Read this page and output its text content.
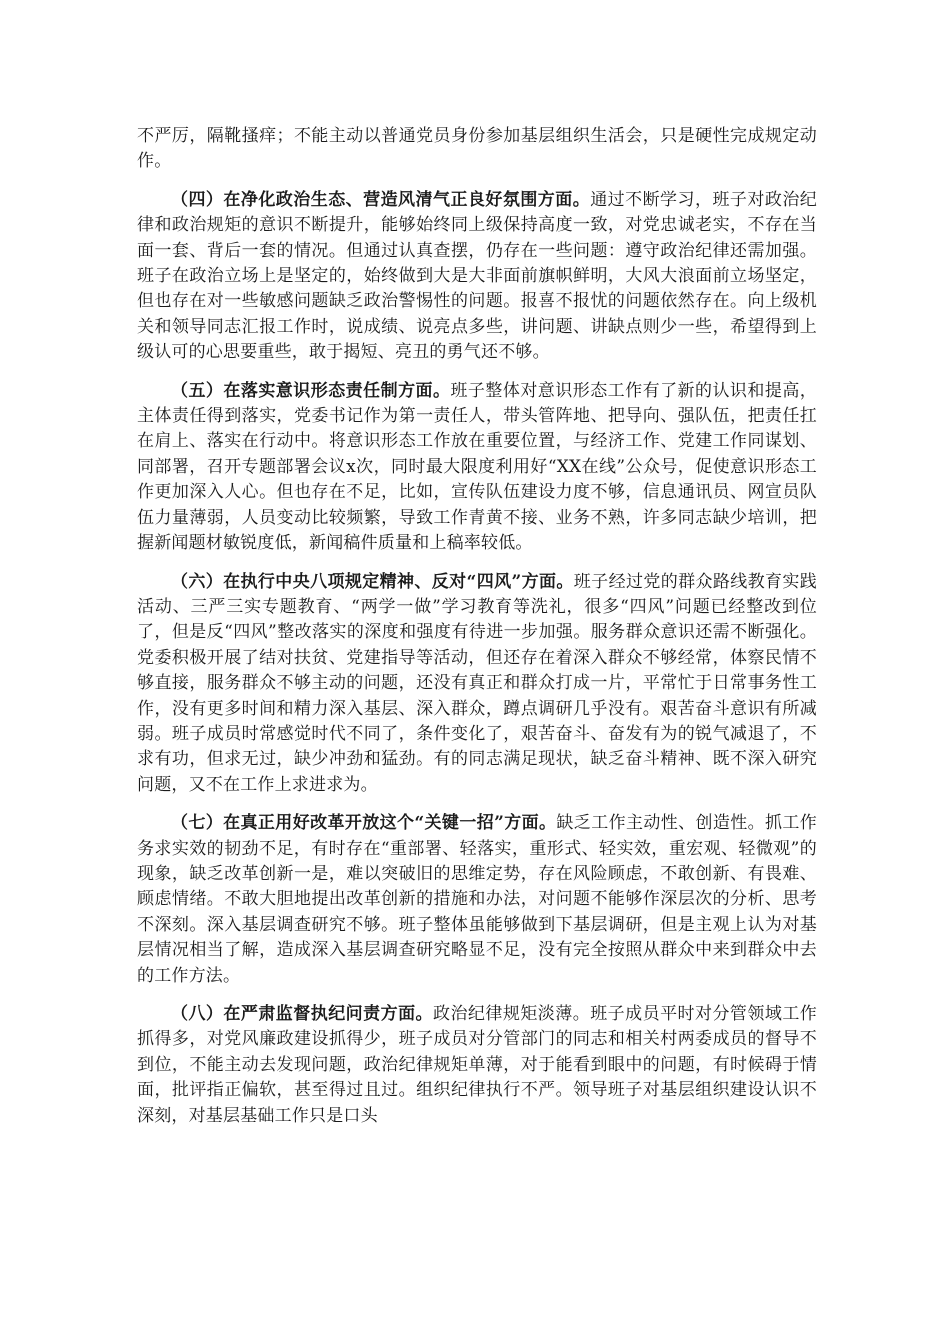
不严厉，隔靴搔痒；不能主动以普通党员身份参加基层组织生活会，只是硬性完成规定动作。

（四）在净化政治生态、营造风清气正良好氛围方面。通过不断学习，班子对政治纪律和政治规矩的意识不断提升，能够始终同上级保持高度一致，对党忠诚老实，不存在当面一套、背后一套的情况。但通过认真查摆，仍存在一些问题：遵守政治纪律还需加强。班子在政治立场上是坚定的，始终做到大是大非面前旗帜鲜明，大风大浪面前立场坚定，但也存在对一些敏感问题缺乏政治警惕性的问题。报喜不报忧的问题依然存在。向上级机关和领导同志汇报工作时，说成绩、说亮点多些，讲问题、讲缺点则少一些，希望得到上级认可的心思要重些，敢于揭短、亮丑的勇气还不够。

（五）在落实意识形态责任制方面。班子整体对意识形态工作有了新的认识和提高，主体责任得到落实，党委书记作为第一责任人，带头管阵地、把导向、强队伍，把责任扛在肩上、落实在行动中。将意识形态工作放在重要位置，与经济工作、党建工作同谋划、同部署，召开专题部署会议x次，同时最大限度利用好“XX在线”公众号，促使意识形态工作更加深入人心。但也存在不足，比如，宣传队伍建设力度不够，信息通讯员、网宣员队伍力量薄弱，人员变动比较频繁，导致工作青黄不接、业务不熟，许多同志缺少培训，把握新闻题材敏锐度低，新闻稿件质量和上稿率较低。

（六）在执行中央八项规定精神、反对“四风”方面。班子经过党的群众路线教育实践活动、三严三实专题教育、“两学一做”学习教育等洗礼，很多“四风”问题已经整改到位了，但是反“四风”整改落实的深度和强度有待进一步加强。服务群众意识还需不断强化。党委积极开展了结对扶贫、党建指导等活动，但还存在着深入群众不够经常，体察民情不够直接，服务群众不够主动的问题，还没有真正和群众打成一片，平常忙于日常事务性工作，没有更多时间和精力深入基层、深入群众，蹲点调研几乎没有。艰苦奋斗意识有所减弱。班子成员时常感觉时代不同了，条件变化了，艰苦奋斗、奋发有为的锐气减退了，不求有功，但求无过，缺少冲劲和猛劲。有的同志满足现状，缺乏奋斗精神、既不深入研究问题，又不在工作上求进求为。

（七）在真正用好改革开放这个“关键一招”方面。缺乏工作主动性、创造性。抓工作务求实效的韧劲不足，有时存在“重部署、轻落实，重形式、轻实效，重宏观、轻微观”的现象，缺乏改革创新一是，难以突破旧的思维定势，存在风险顾虑，不敢创新、有畏难、顾虑情绪。不敢大胆地提出改革创新的措施和办法，对问题不能够作深层次的分析、思考不深刻。深入基层调查研究不够。班子整体虽能够做到下基层调研，但是主观上认为对基层情况相当了解，造成深入基层调查研究略显不足，没有完全按照从群众中来到群众中去的工作方法。

（八）在严肃监督执纪问责方面。政治纪律规矩淡薄。班子成员平时对分管领域工作抓得多，对党风廉政建设抓得少，班子成员对分管部门的同志和相关村两委成员的督导不到位，不能主动去发现问题，政治纪律规矩单薄，对于能看到眼中的问题，有时候碍于情面，批评指正偏软，甚至得过且过。组织纪律执行不严。领导班子对基层组织建设认识不深刻，对基层基础工作只是口头
